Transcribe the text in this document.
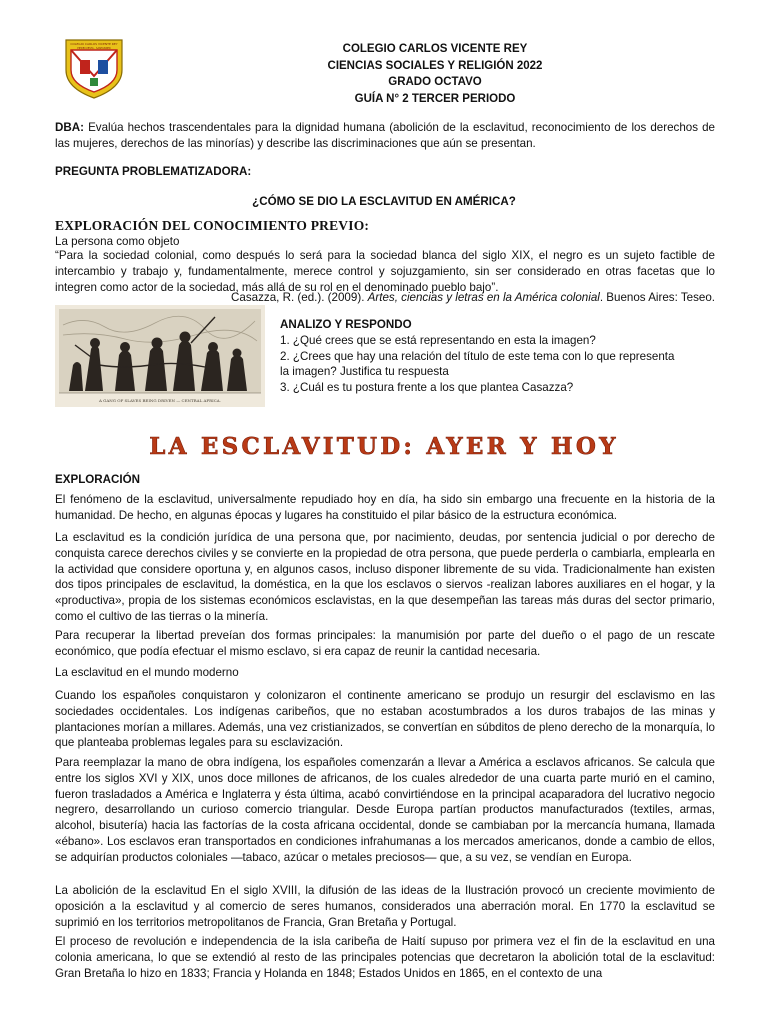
COLEGIO CARLOS VICENTE REY
PIEDECUESTA - SANTANDER	COLEGIO CARLOS VICENTE REY
CIENCIAS SOCIALES Y RELIGIÓN 2022
GRADO OCTAVO
GUÍA N° 2 TERCER PERIODO
DBA: Evalúa hechos trascendentales para la dignidad humana (abolición de la esclavitud, reconocimiento de los derechos de las mujeres, derechos de las minorías) y describe las discriminaciones que aún se presentan.
PREGUNTA PROBLEMATIZADORA:
¿CÓMO SE DIO LA ESCLAVITUD EN AMÉRICA?
EXPLORACIÓN DEL CONOCIMIENTO PREVIO:
La persona como objeto
“Para la sociedad colonial, como después lo será para la sociedad blanca del siglo XIX, el negro es un sujeto factible de intercambio y trabajo y, fundamentalmente, merece control y sojuzgamiento, sin ser considerado en otras facetas que lo integren como actor de la sociedad, más allá de su rol en el denominado pueblo bajo”.
Casazza, R. (ed.). (2009). Artes, ciencias y letras en la América colonial. Buenos Aires: Teseo.
A GANG OF SLAVES BEING DRIVEN — CENTRAL AFRICA.
ANALIZO Y RESPONDO
1. ¿Qué crees que se está representando en esta la imagen?
2. ¿Crees que hay una relación del título de este tema con lo que representa
la imagen? Justifica tu respuesta
3. ¿Cuál es tu postura frente a los que plantea Casazza?
LA ESCLAVITUD: AYER Y HOY
EXPLORACIÓN
El fenómeno de la esclavitud, universalmente repudiado hoy en día, ha sido sin embargo una frecuente en la historia de la humanidad. De hecho, en algunas épocas y lugares ha constituido el pilar básico de la estructura económica.
La esclavitud es la condición jurídica de una persona que, por nacimiento, deudas, por sentencia judicial o por derecho de conquista carece derechos civiles y se convierte en la propiedad de otra persona, que puede perderla o cambiarla, emplearla en la actividad que considere oportuna y, en algunos casos, incluso disponer libremente de su vida. Tradicionalmente han existen dos tipos principales de esclavitud, la doméstica, en la que los esclavos o siervos -realizan labores auxiliares en el hogar, y la «productiva», propia de los sistemas económicos esclavistas, en la que desempeñan las tareas más duras del sector primario, como el cultivo de las tierras o la minería.
Para recuperar la libertad preveían dos formas principales: la manumisión por parte del dueño o el pago de un rescate económico, que podía efectuar el mismo esclavo, si era capaz de reunir la cantidad necesaria.
La esclavitud en el mundo moderno
Cuando los españoles conquistaron y colonizaron el continente americano se produjo un resurgir del esclavismo en las sociedades occidentales. Los indígenas caribeños, que no estaban acostumbrados a los duros trabajos de las minas y plantaciones morían a millares. Además, una vez cristianizados, se convertían en súbditos de pleno derecho de la monarquía, lo que planteaba problemas legales para su esclavización.
Para reemplazar la mano de obra indígena, los españoles comenzarán a llevar a América a esclavos africanos. Se calcula que entre los siglos XVI y XIX, unos doce millones de africanos, de los cuales alrededor de una cuarta parte murió en el camino, fueron trasladados a América e Inglaterra y ésta última, acabó convirtiéndose en la principal acaparadora del lucrativo negocio negrero, desarrollando un curioso comercio triangular. Desde Europa partían productos manufacturados (textiles, armas, alcohol, bisutería) hacia las factorías de la costa africana occidental, donde se cambiaban por la mercancía humana, llamada «ébano». Los esclavos eran transportados en condiciones infrahumanas a los mercados americanos, donde a cambio de ellos, se adquirían productos coloniales —tabaco, azúcar o metales preciosos— que, a su vez, se vendían en Europa.
La abolición de la esclavitud En el siglo XVIII, la difusión de las ideas de la Ilustración provocó un creciente movimiento de oposición a la esclavitud y al comercio de seres humanos, considerados una aberración moral. En 1770 la esclavitud se suprimió en los territorios metropolitanos de Francia, Gran Bretaña y Portugal.
El proceso de revolución e independencia de la isla caribeña de Haití supuso por primera vez el fin de la esclavitud en una colonia americana, lo que se extendió al resto de las principales potencias que decretaron la abolición total de la esclavitud: Gran Bretaña lo hizo en 1833; Francia y Holanda en 1848; Estados Unidos en 1865, en el contexto de una
